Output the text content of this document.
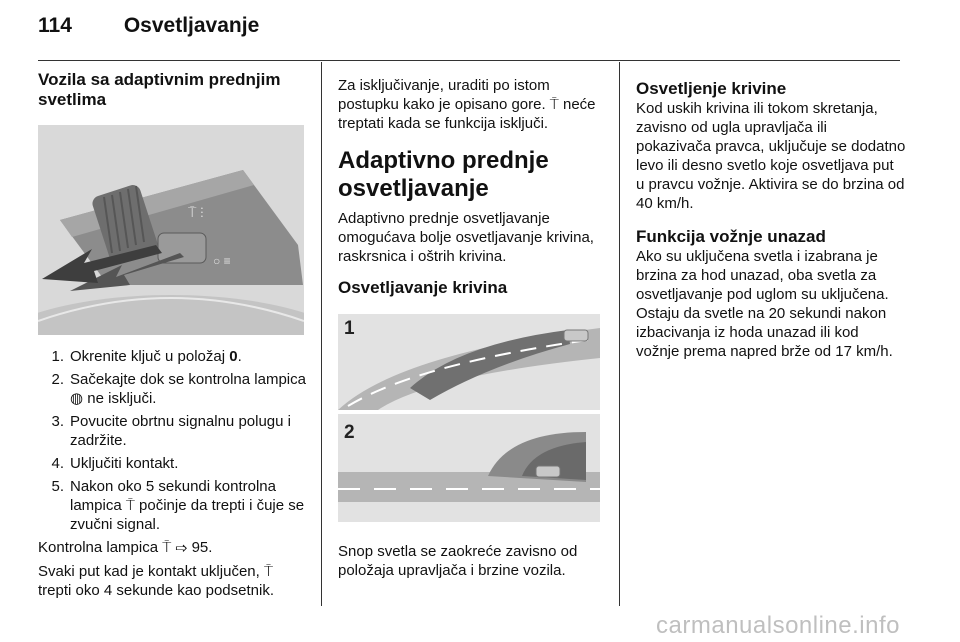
114 Osvetljavanje
Vozila sa adaptivnim prednjim svetlima
⍑ ⫶
○ ≡
1. Okrenite ključ u položaj 0.
2. Sačekajte dok se kontrolna lampica ◍ ne isključi.
3. Povucite obrtnu signalnu polugu i zadržite.
4. Uključiti kontakt.
5. Nakon oko 5 sekundi kontrolna lampica ⍑ počinje da trepti i čuje se zvučni signal.

Kontrolna lampica ⍑ ⇨ 95.

Svaki put kad je kontakt uključen, ⍑ trepti oko 4 sekunde kao podsetnik.

Za isključivanje, uraditi po istom postupku kako je opisano gore. ⍑ neće treptati kada se funkcija isključi.

Adaptivno prednje osvetljavanje

Adaptivno prednje osvetljavanje omogućava bolje osvetljavanje krivina, raskrsnica i oštrih krivina.

Osvetljavanje krivina
1
2

Snop svetla se zaokreće zavisno od položaja upravljača i brzine vozila.

Osvetljenje krivine

Kod uskih krivina ili tokom skretanja, zavisno od ugla upravljača ili pokazivača pravca, uključuje se dodatno levo ili desno svetlo koje osvetljava put u pravcu vožnje. Aktivira se do brzina od 40 km/h.

Funkcija vožnje unazad

Ako su uključena svetla i izabrana je brzina za hod unazad, oba svetla za osvetljavanje pod uglom su uključena. Ostaju da svetle na 20 sekundi nakon izbacivanja iz hoda unazad ili kod vožnje prema napred brže od 17 km/h.

carmanualsonline.info
